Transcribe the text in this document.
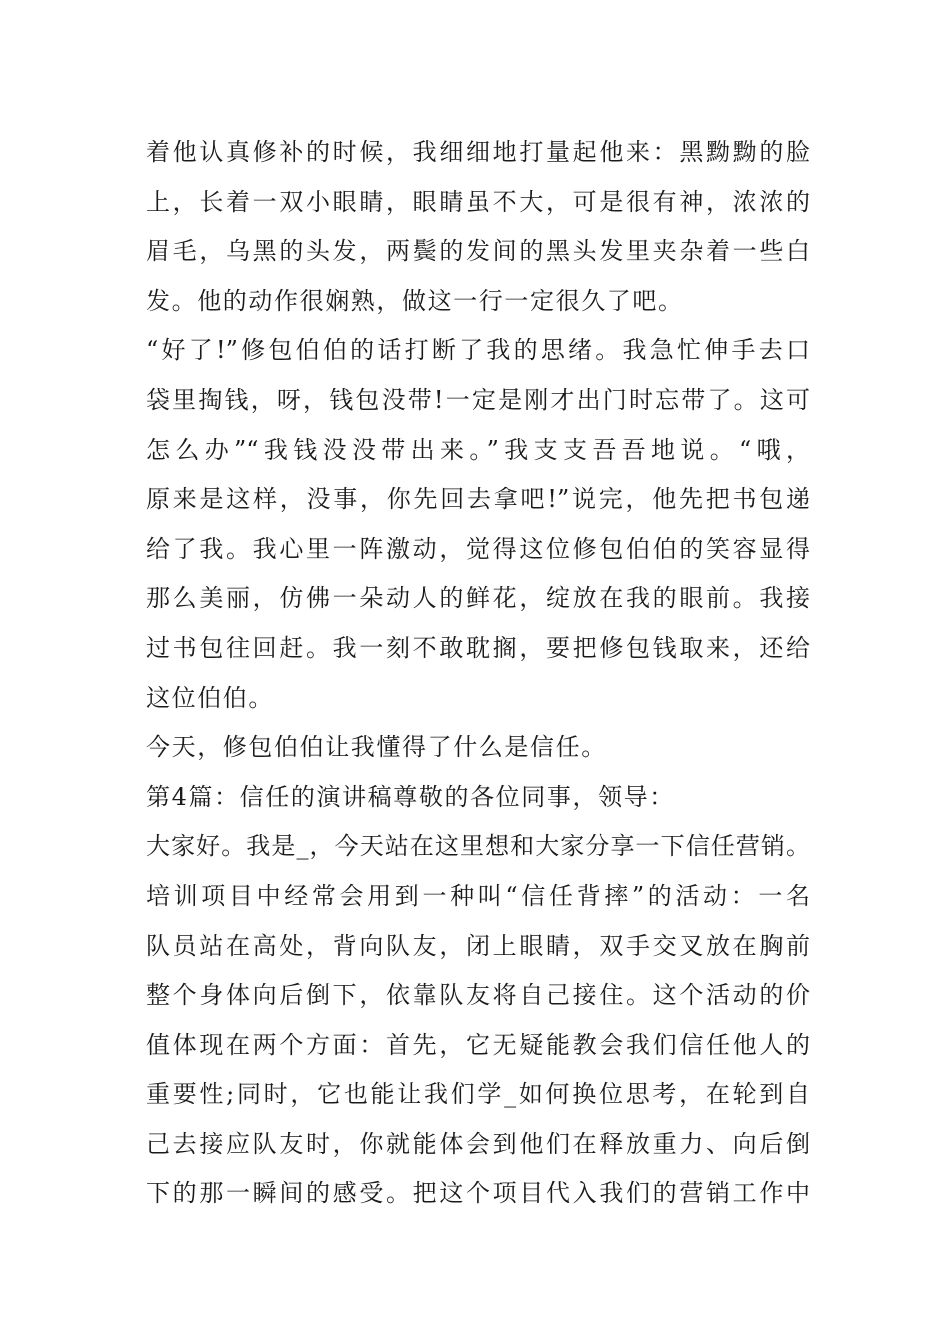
着他认真修补的时候，我细细地打量起他来：黑黝黝的脸
上，长着一双小眼睛，眼睛虽不大，可是很有神，浓浓的
眉毛，乌黑的头发，两鬓的发间的黑头发里夹杂着一些白
发。他的动作很娴熟，做这一行一定很久了吧。
“好了!”修包伯伯的话打断了我的思绪。我急忙伸手去口
袋里掏钱，呀，钱包没带!一定是刚才出门时忘带了。这可
怎么办”“我钱没没带出来。”我支支吾吾地说。“哦，
原来是这样，没事，你先回去拿吧!”说完，他先把书包递
给了我。我心里一阵激动，觉得这位修包伯伯的笑容显得
那么美丽，仿佛一朵动人的鲜花，绽放在我的眼前。我接
过书包往回赶。我一刻不敢耽搁，要把修包钱取来，还给
这位伯伯。
今天，修包伯伯让我懂得了什么是信任。
第4篇：信任的演讲稿尊敬的各位同事，领导：
大家好。我是_，今天站在这里想和大家分享一下信任营销。
培训项目中经常会用到一种叫“信任背摔”的活动：一名
队员站在高处，背向队友，闭上眼睛，双手交叉放在胸前
整个身体向后倒下，依靠队友将自己接住。这个活动的价
值体现在两个方面：首先，它无疑能教会我们信任他人的
重要性;同时，它也能让我们学_如何换位思考，在轮到自
己去接应队友时，你就能体会到他们在释放重力、向后倒
下的那一瞬间的感受。把这个项目代入我们的营销工作中
